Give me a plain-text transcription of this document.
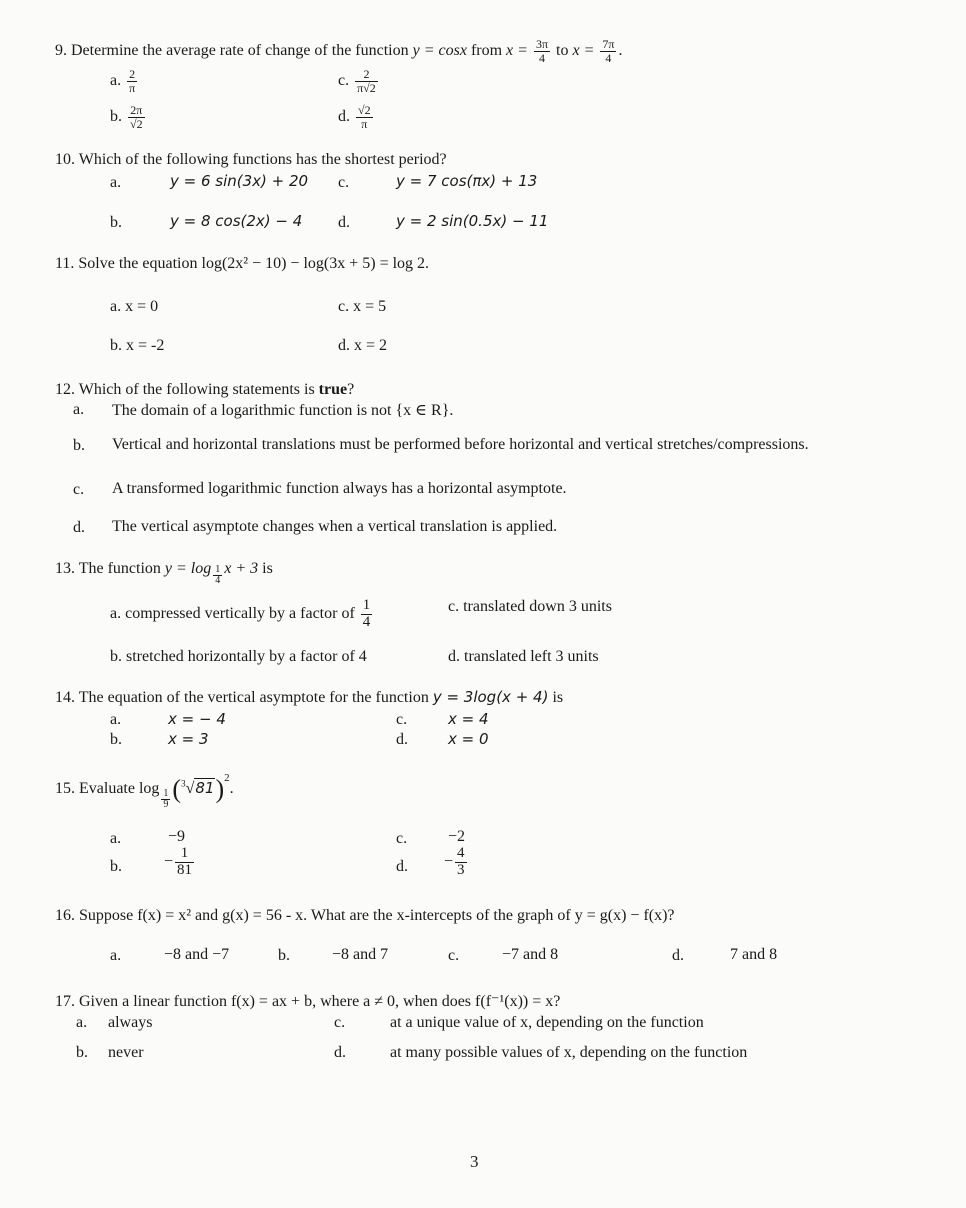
9. Determine the average rate of change of the function y = cosx from $x = \frac{3\pi}{4}$ to $x = \frac{7\pi}{4}$ .
a. $\frac{2}{\pi}$	c. $\frac{2}{\pi√2}$
b. $\frac{2\pi}{√2}$	d. $\frac{√2}{\pi}$
10. Which of the following functions has the shortest period?
a.	y = 6 sin(3x) + 20 c.	y = 7 cos(πx) + 13
b.	y = 8 cos(2x) − 4 d.	y = 2 sin(0.5x) − 11
11. Solve the equation log(2x² − 10) − log(3x + 5) = log 2.
a. x = 0	c. x = 5
b. x = -2	d. x = 2
12. Which of the following statements is true?
a. The domain of a logarithmic function is not {x ∈ R}.
b. Vertical and horizontal translations must be performed before horizontal and vertical stretches/compressions.
c. A transformed logarithmic function always has a horizontal asymptote.
d. The vertical asymptote changes when a vertical translation is applied.
13. The function $y = \log \frac{1}{4}$ x + 3 is
a. compressed vertically by a factor of $\frac{1}{4}$	c. translated down 3 units
b. stretched horizontally by a factor of 4	d. translated left 3 units
14. The equation of the vertical asymptote for the function y = 3log(x + 4) is
a.	x = − 4	c.	x = 4
b.	x = 3	d.	x = 0
15. Evaluate $\log \frac{1}{9} (^3√81)^2$.
a.	−9	c.	−2
b.	− $\frac{1}{81}$	d. − $\frac{4}{3}$
16. Suppose f(x) = x² and g(x) = 56 - x. What are the x-intercepts of the graph of y = g(x) − f(x)?
a.	−8 and −7	b.	−8 and 7	c.	−7 and 8	d.	7 and 8
17. Given a linear function f(x) = ax + b, where a ≠ 0, when does f(f⁻¹(x)) = x?
a. always	c.	at a unique value of x, depending on the function
b. never	d.	at many possible values of x, depending on the function
3
